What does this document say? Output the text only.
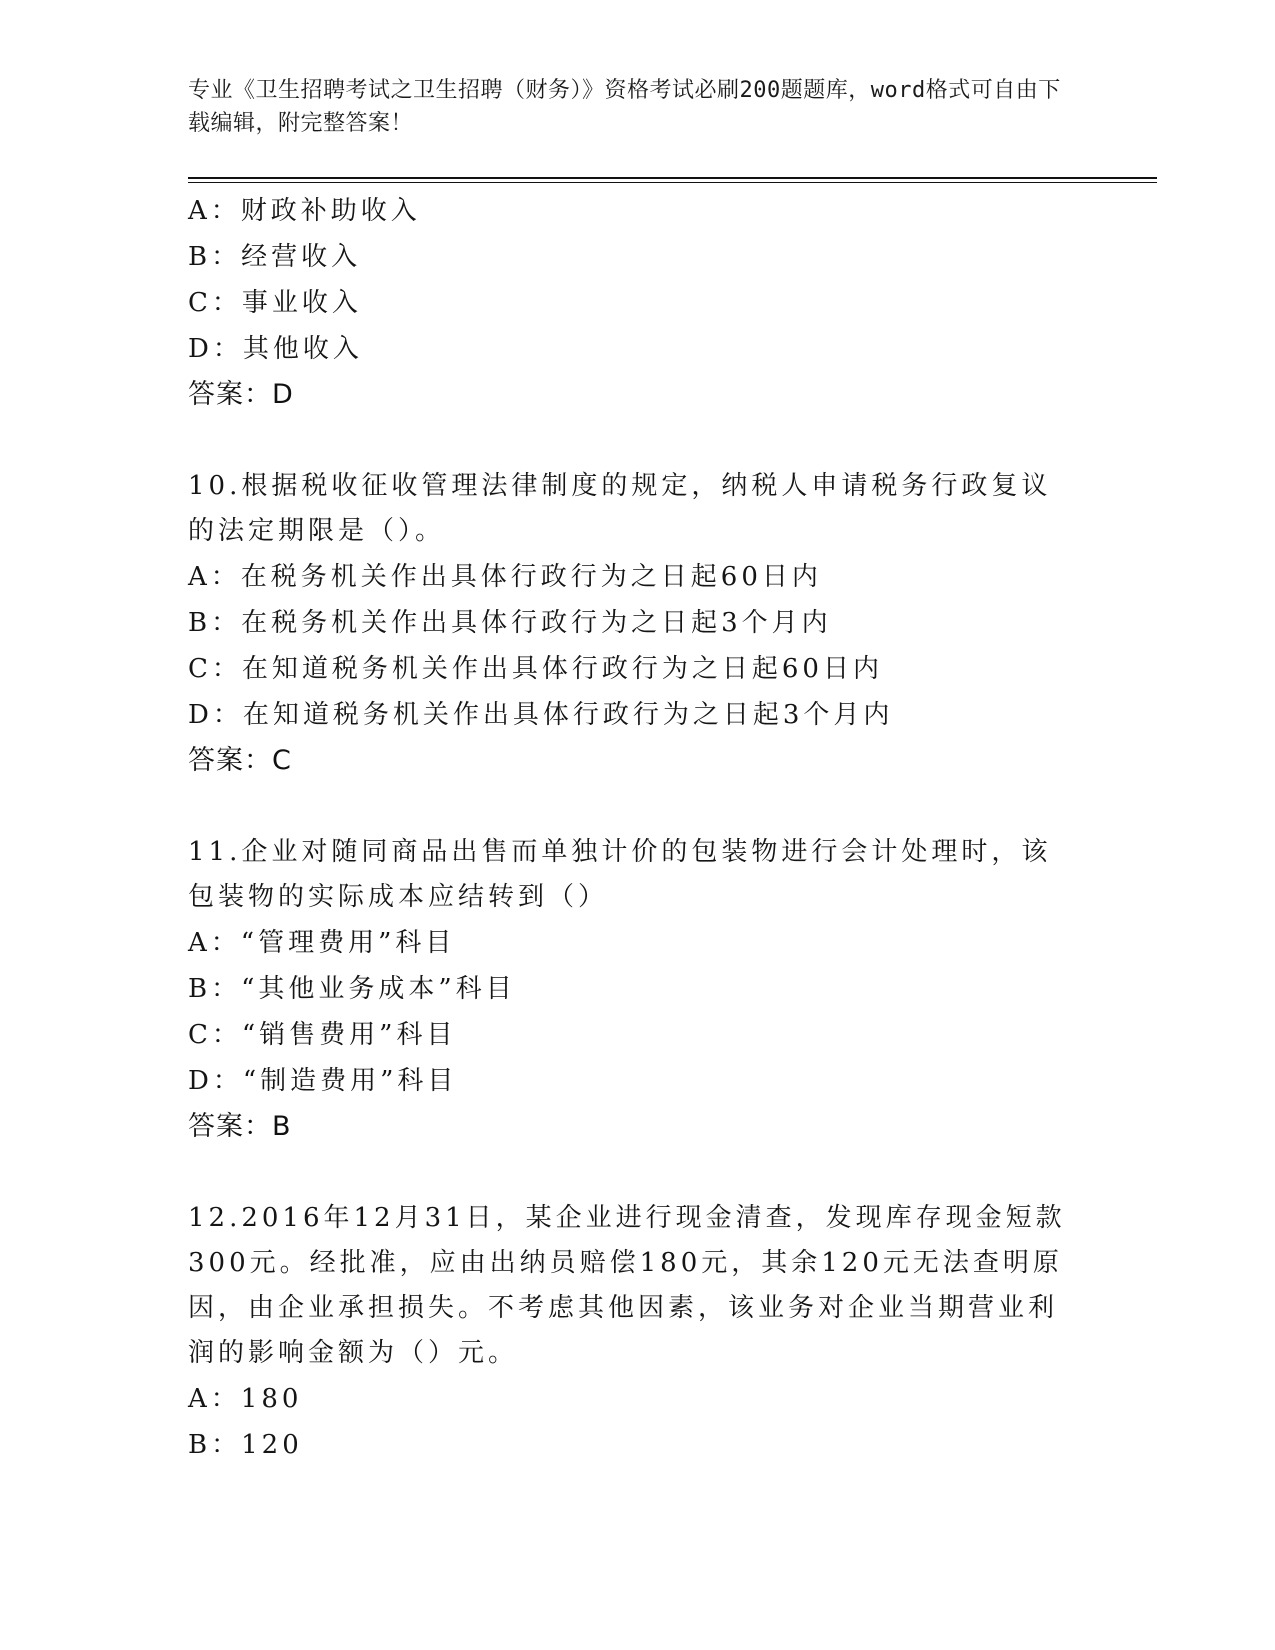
专业《卫生招聘考试之卫生招聘（财务）》资格考试必刷200题题库，word格式可自由下载编辑，附完整答案！
A：财政补助收入
B：经营收入
C：事业收入
D：其他收入
答案：D
10.根据税收征收管理法律制度的规定，纳税人申请税务行政复议的法定期限是（）。
A：在税务机关作出具体行政行为之日起60日内
B：在税务机关作出具体行政行为之日起3个月内
C：在知道税务机关作出具体行政行为之日起60日内
D：在知道税务机关作出具体行政行为之日起3个月内
答案：C
11.企业对随同商品出售而单独计价的包装物进行会计处理时，该包装物的实际成本应结转到（）
A：“管理费用”科目
B：“其他业务成本”科目
C：“销售费用”科目
D：“制造费用”科目
答案：B
12.2016年12月31日，某企业进行现金清查，发现库存现金短款300元。经批准，应由出纳员赔偿180元，其余120元无法查明原因，由企业承担损失。不考虑其他因素，该业务对企业当期营业利润的影响金额为（）元。
A：180
B：120
